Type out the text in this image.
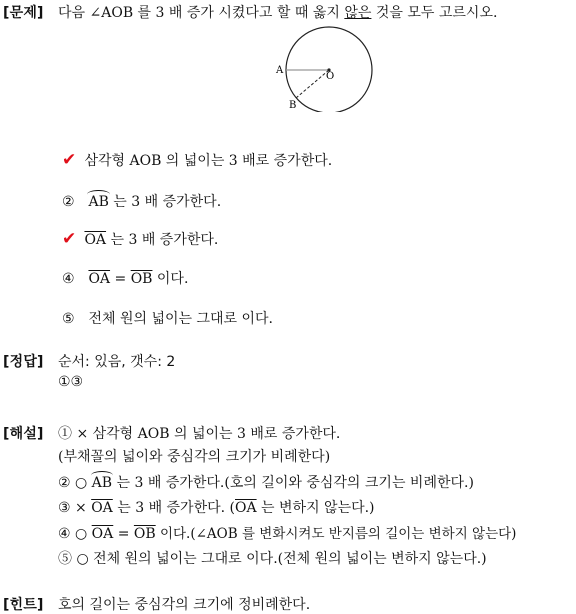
[문제] 다음 ∠AOB 를 3 배 증가 시켰다고 할 때 옳지 않은 것을 모두 고르시오.
A
O
B
✔ 삼각형 AOB 의 넓이는 3 배로 증가한다.
② AB 는 3 배 증가한다.
✔ $\overline{OA}$ 는 3 배 증가한다.
④ $\overline{OA} = \overline{OB}$ 이다.
⑤ 전체 원의 넓이는 그대로 이다.
[정답] 순서: 있음, 갯수: 2
①③
[해설] ① × 삼각형 AOB 의 넓이는 3 배로 증가한다.
(부채꼴의 넓이와 중심각의 크기가 비례한다)
② ○ AB 는 3 배 증가한다.(호의 길이와 중심각의 크기는 비례한다.)
③ × $\overline{OA}$ 는 3 배 증가한다. ($\overline{OA}$ 는 변하지 않는다.)
④ ○ $\overline{OA} = \overline{OB}$ 이다.(∠AOB 를 변화시켜도 반지름의 길이는 변하지 않는다)
⑤ ○ 전체 원의 넓이는 그대로 이다.(전체 원의 넓이는 변하지 않는다.)
[힌트] 호의 길이는 중심각의 크기에 정비례한다.
